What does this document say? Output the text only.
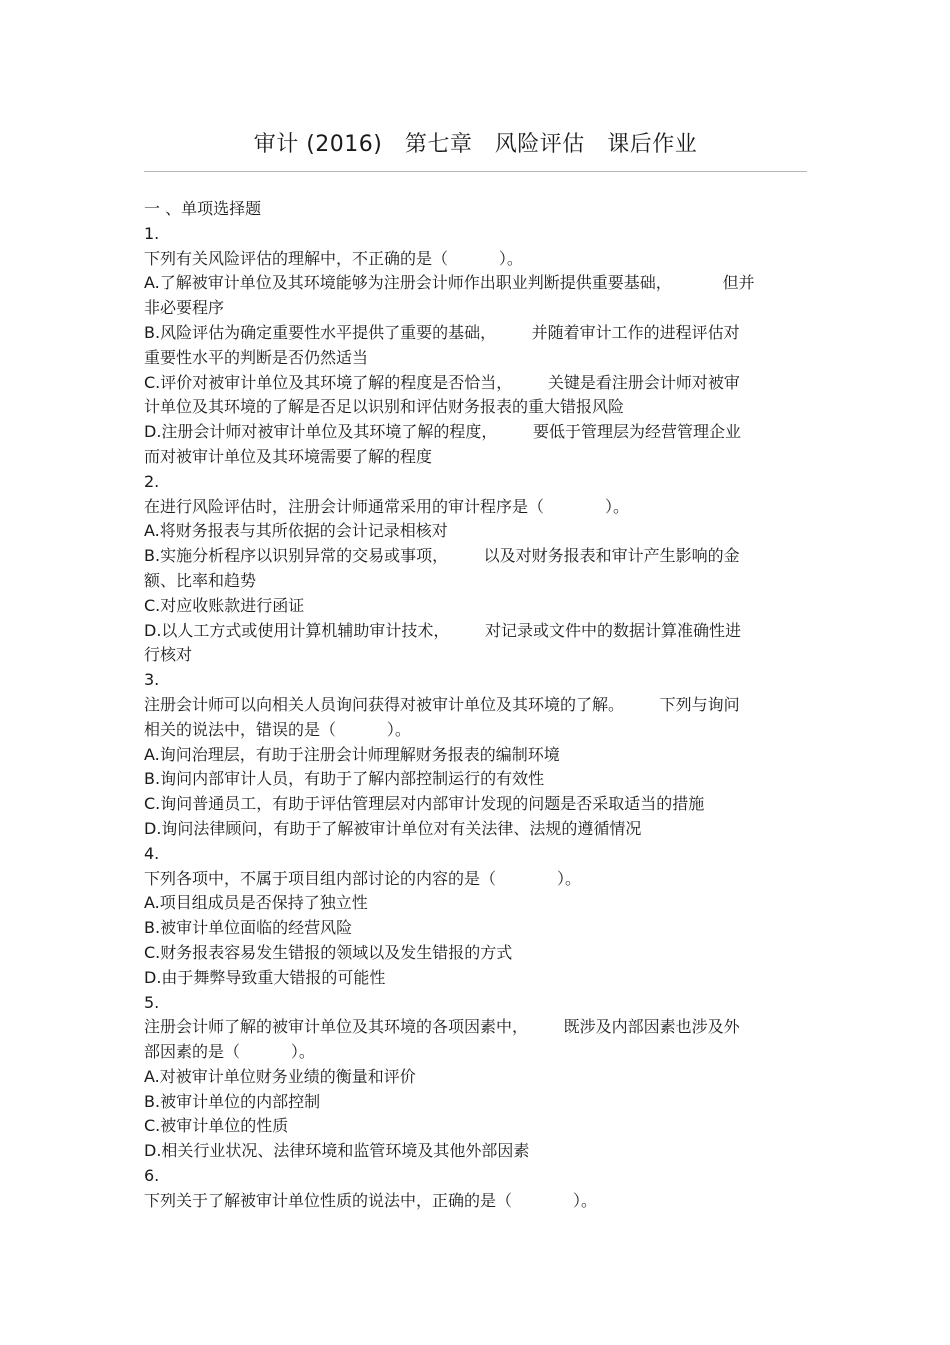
审计 (2016)   第七章   风险评估   课后作业
一 、单项选择题
1.
下列有关风险评估的理解中，不正确的是（          ）。
A.了解被审计单位及其环境能够为注册会计师作出职业判断提供重要基础，          但并
非必要程序
B.风险评估为确定重要性水平提供了重要的基础，       并随着审计工作的进程评估对
重要性水平的判断是否仍然适当
C.评价对被审计单位及其环境了解的程度是否恰当，       关键是看注册会计师对被审
计单位及其环境的了解是否足以识别和评估财务报表的重大错报风险
D.注册会计师对被审计单位及其环境了解的程度，       要低于管理层为经营管理企业
而对被审计单位及其环境需要了解的程度
2.
在进行风险评估时，注册会计师通常采用的审计程序是（            ）。
A.将财务报表与其所依据的会计记录相核对
B.实施分析程序以识别异常的交易或事项，       以及对财务报表和审计产生影响的金
额、比率和趋势
C.对应收账款进行函证
D.以人工方式或使用计算机辅助审计技术，       对记录或文件中的数据计算准确性进
行核对
3.
注册会计师可以向相关人员询问获得对被审计单位及其环境的了解。       下列与询问
相关的说法中，错误的是（          ）。
A.询问治理层，有助于注册会计师理解财务报表的编制环境
B.询问内部审计人员，有助于了解内部控制运行的有效性
C.询问普通员工，有助于评估管理层对内部审计发现的问题是否采取适当的措施
D.询问法律顾问，有助于了解被审计单位对有关法律、法规的遵循情况
4.
下列各项中，不属于项目组内部讨论的内容的是（            ）。
A.项目组成员是否保持了独立性
B.被审计单位面临的经营风险
C.财务报表容易发生错报的领域以及发生错报的方式
D.由于舞弊导致重大错报的可能性
5.
注册会计师了解的被审计单位及其环境的各项因素中，       既涉及内部因素也涉及外
部因素的是（          ）。
A.对被审计单位财务业绩的衡量和评价
B.被审计单位的内部控制
C.被审计单位的性质
D.相关行业状况、法律环境和监管环境及其他外部因素
6.
下列关于了解被审计单位性质的说法中，正确的是（            ）。
